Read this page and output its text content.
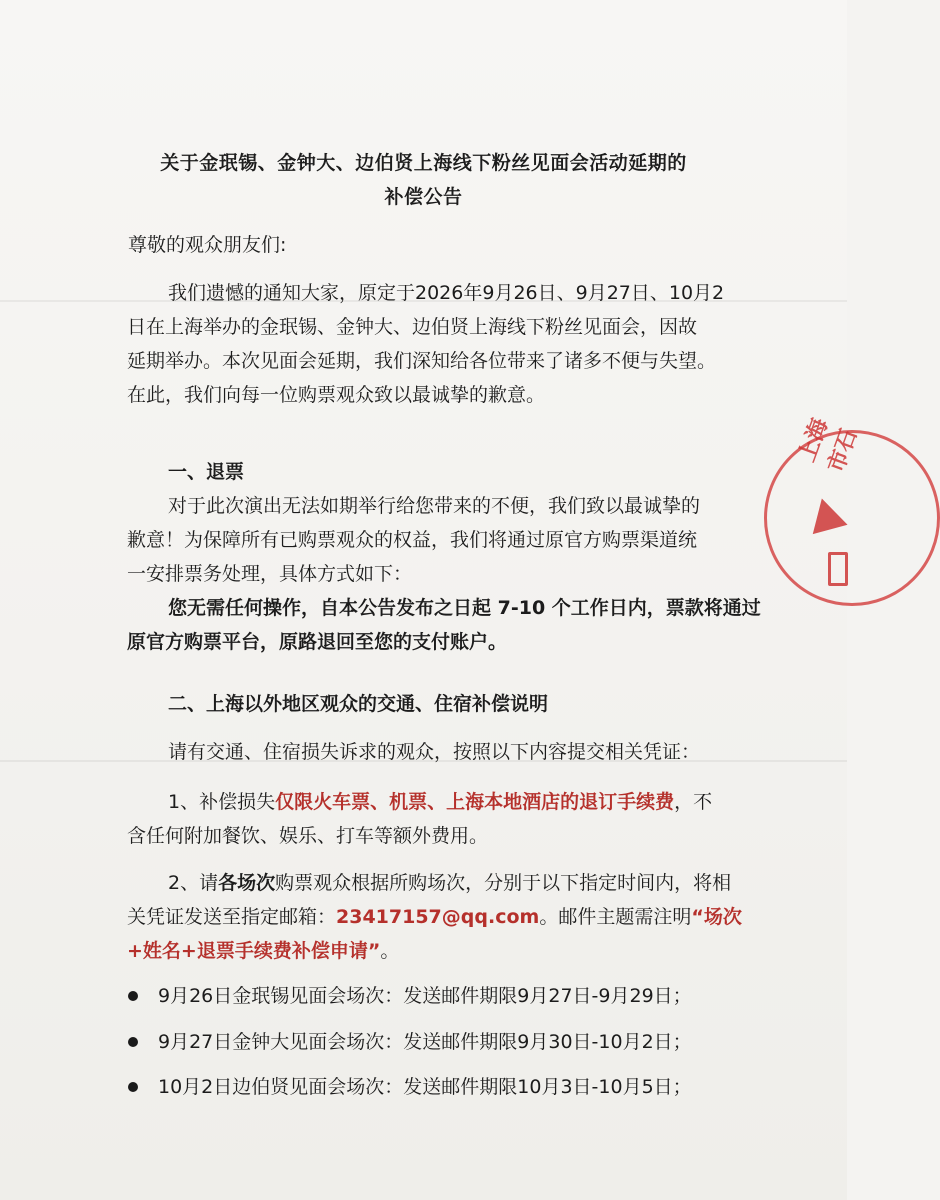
关于金珉锡、金钟大、边伯贤上海线下粉丝见面会活动延期的
补偿公告
尊敬的观众朋友们:
我们遗憾的通知大家，原定于2026年9月26日、9月27日、10月2
日在上海举办的金珉锡、金钟大、边伯贤上海线下粉丝见面会，因故
延期举办。本次见面会延期，我们深知给各位带来了诸多不便与失望。
在此，我们向每一位购票观众致以最诚挚的歉意。
一、退票
对于此次演出无法如期举行给您带来的不便，我们致以最诚挚的
歉意！为保障所有已购票观众的权益，我们将通过原官方购票渠道统
一安排票务处理，具体方式如下：
您无需任何操作，自本公告发布之日起 7-10 个工作日内，票款将通过
原官方购票平台，原路退回至您的支付账户。
二、上海以外地区观众的交通、住宿补偿说明
请有交通、住宿损失诉求的观众，按照以下内容提交相关凭证：
1、补偿损失仅限火车票、机票、上海本地酒店的退订手续费，不
含任何附加餐饮、娱乐、打车等额外费用。
2、请各场次购票观众根据所购场次，分别于以下指定时间内，将相
关凭证发送至指定邮箱：23417157@qq.com。邮件主题需注明“场次
+姓名+退票手续费补偿申请”。
9月26日金珉锡见面会场次：发送邮件期限9月27日-9月29日；
9月27日金钟大见面会场次：发送邮件期限9月30日-10月2日；
10月2日边伯贤见面会场次：发送邮件期限10月3日-10月5日；
上海市石
